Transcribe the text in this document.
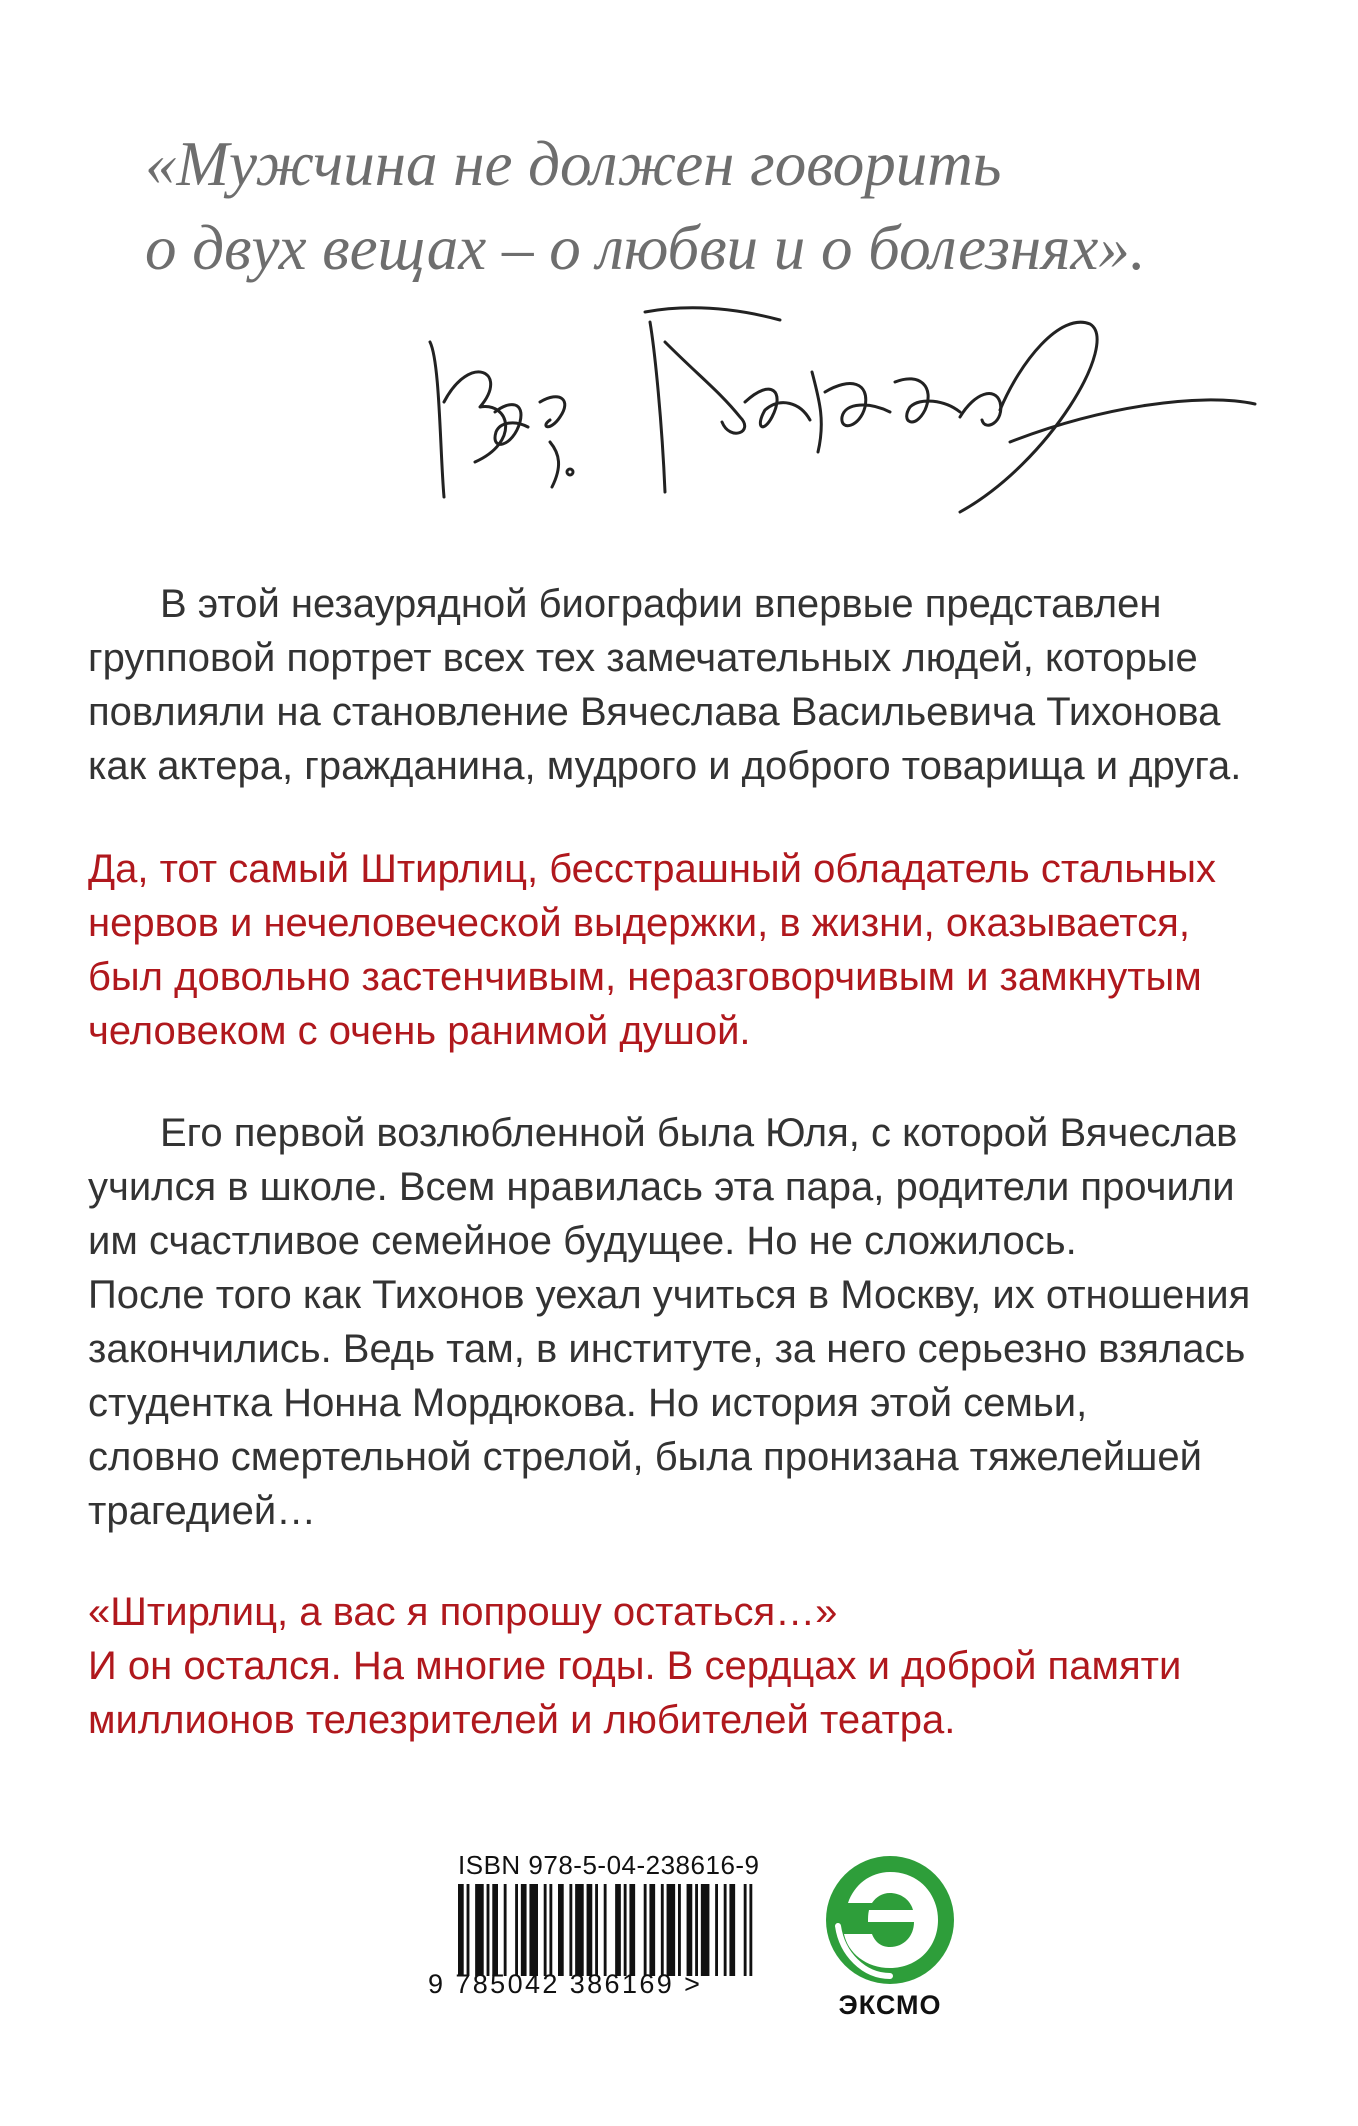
«Мужчина не должен говорить
о двух вещах – о любви и о болезнях».
В этой незаурядной биографии впервые представлен
групповой портрет всех тех замечательных людей, которые
повлияли на становление Вячеслава Васильевича Тихонова
как актера, гражданина, мудрого и доброго товарища и друга.
Да, тот самый Штирлиц, бесстрашный обладатель стальных
нервов и нечеловеческой выдержки, в жизни, оказывается,
был довольно застенчивым, неразговорчивым и замкнутым
человеком с очень ранимой душой.
Его первой возлюбленной была Юля, с которой Вячеслав
учился в школе. Всем нравилась эта пара, родители прочили
им счастливое семейное будущее. Но не сложилось.
После того как Тихонов уехал учиться в Москву, их отношения
закончились. Ведь там, в институте, за него серьезно взялась
студентка Нонна Мордюкова. Но история этой семьи,
словно смертельной стрелой, была пронизана тяжелейшей
трагедией…
«Штирлиц, а вас я попрошу остаться…»
И он остался. На многие годы. В сердцах и доброй памяти
миллионов телезрителей и любителей театра.
ISBN 978-5-04-238616-9
9 785042 386169 >
ЭКСМО
